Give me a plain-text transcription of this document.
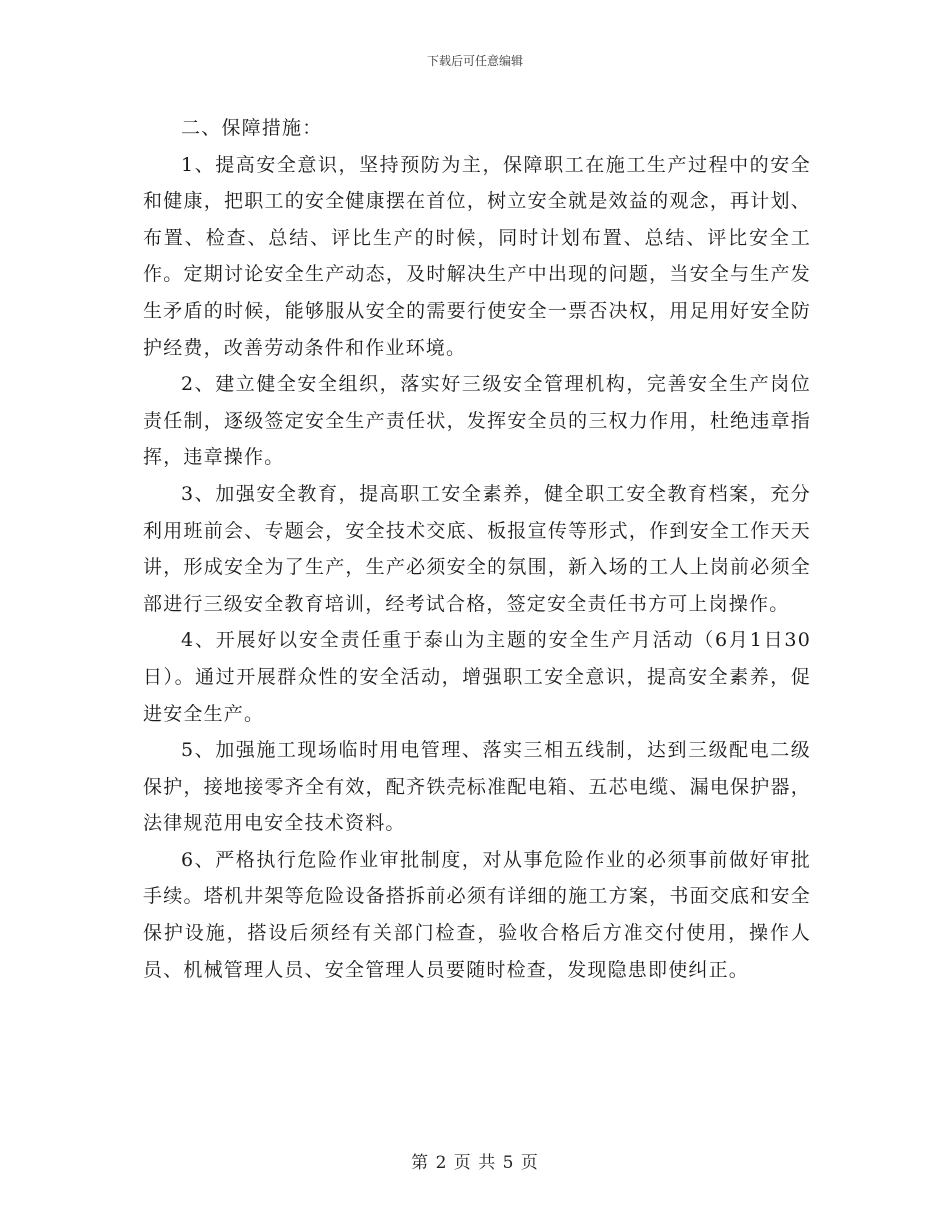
下载后可任意编辑

二、保障措施：

1、提高安全意识，坚持预防为主，保障职工在施工生产过程中的安全和健康，把职工的安全健康摆在首位，树立安全就是效益的观念，再计划、布置、检查、总结、评比生产的时候，同时计划布置、总结、评比安全工作。定期讨论安全生产动态，及时解决生产中出现的问题，当安全与生产发生矛盾的时候，能够服从安全的需要行使安全一票否决权，用足用好安全防护经费，改善劳动条件和作业环境。

2、建立健全安全组织，落实好三级安全管理机构，完善安全生产岗位责任制，逐级签定安全生产责任状，发挥安全员的三权力作用，杜绝违章指挥，违章操作。

3、加强安全教育，提高职工安全素养，健全职工安全教育档案，充分利用班前会、专题会，安全技术交底、板报宣传等形式，作到安全工作天天讲，形成安全为了生产，生产必须安全的氛围，新入场的工人上岗前必须全部进行三级安全教育培训，经考试合格，签定安全责任书方可上岗操作。

4、开展好以安全责任重于泰山为主题的安全生产月活动（6月1日30日）。通过开展群众性的安全活动，增强职工安全意识，提高安全素养，促进安全生产。

5、加强施工现场临时用电管理、落实三相五线制，达到三级配电二级保护，接地接零齐全有效，配齐铁壳标准配电箱、五芯电缆、漏电保护器，法律规范用电安全技术资料。

6、严格执行危险作业审批制度，对从事危险作业的必须事前做好审批手续。塔机井架等危险设备搭拆前必须有详细的施工方案，书面交底和安全保护设施，搭设后须经有关部门检查，验收合格后方准交付使用，操作人员、机械管理人员、安全管理人员要随时检查，发现隐患即使纠正。

第 2 页 共 5 页
